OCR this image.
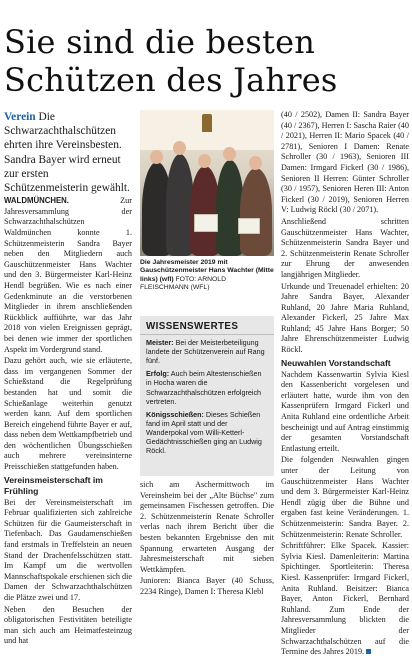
Sie sind die besten Schützen des Jahres

Verein Die Schwarzachthalschützen ehrten ihre Vereinsbesten. Sandra Bayer wird erneut zur ersten Schützenmeisterin gewählt.

WALDMÜNCHEN.	Zur Jahresversammlung der Schwarzachthalschützen Waldmünchen konnte 1. Schützenmeisterin Sandra Bayer neben den Mitgliedern auch Gauschützenmeister Hans Wachter und den 3. Bürgermeister Karl-Heinz Hendl begrüßen. Wie es nach einer Gedenkminute an die verstorbenen Mitglieder in ihrem anschließenden Rückblick auffiührte, war das Jahr 2018 von vielen Ereignissen geprägt, bei denen wie immer der sportlichen Aspekt im Vordergrund stand.

Dazu gehört auch, wie sie erläuterte, dass im vergangenen Sommer der Schießstand die Regelprüfung bestanden hat und somit die Schießanlage weiterhin genutzt werden kann. Auf dem sportlichen Bereich eingehend führte Bayer er auf, dass neben dem Wettkampfbetrieb und den wöchentlichen Übungsschießen auch mehrere vereinsinterne Preisschießen stattgefunden haben.

Vereinsmeisterschaft im Frühling

Bei der Vereinsmeisterschaft im Februar qualifizierten sich zahlreiche Schützen für die Gaumeisterschaft in Tiefenbach. Das Gaudamenschießen fand erstmals in Treffelstein an neuen Stand der Drachenfelsschützen statt. Im Kampf um die wertvollen Mannschaftspokale erschienen sich die Damen der Schwarzachthalschützen die Plätze zwei und 17.

Neben den Besuchen der obligatorischen Festivitäten beteiligte man sich auch am Heimatfesteinzug und hat

Die Jahresmeister 2019 mit Gauschützenmeister Hans Wachter (Mitte links) (wfl) FOTO: ARNOLD FLEISCHMANN (WFL)
WISSENSWERTES
Meister: Bei der Meisterbeteiligung landete der Schützenverein auf Rang fünf.
Erfolg: Auch beim Altestenschießen in Hocha waren die Schwarzachthalschützen erfolgreich vertreten.
Königsschießen: Dieses Schießen fand im April statt und der Wanderpokal vom Willi-Ketterl-Gedächtnisschießen ging an Ludwig Röckl.

sich am Aschermittwoch im Vereinsheim bei der „Alte Büchse" zum gemeinsamen Fischessen getroffen. Die 2. Schützenmeisterin Renate Schroller verlas nach ihrem Bericht über die besten bekannten Ergebnisse den mit Spannung erwarteten Ausgang der Jahresmeisterschaft mit sieben Wettkämpfen.

Junioren: Bianca Bayer (40 Schuss, 2234 Ringe), Damen I: Theresa Klebl

(40 / 2502), Damen II: Sandra Bayer (40 / 2367), Herren I: Sascha Raier (40 / 2021), Herren II: Mario Spacek (40 / 2781), Senioren I Damen: Renate Schroller (30 / 1963), Senioren III Damen: Irmgard Fickerl (30 / 1986), Senioren II Herren: Günter Schroller (30 / 1957), Senioren Heren III: Anton Fickerl (30 / 2019), Senioren Herren V: Ludwig Röckl (30 / 2071).

Anschließend schritten Gauschützenmeister Hans Wachter, Schützenmeisterin Sandra Bayer und 2. Schützenmeisterin Renate Schroller zur Ehrung der anwesenden langjährigen Mitglieder.

Urkunde und Treuenadel erhielten: 20 Jahre Sandra Bayer, Alexander Ruhland, 20 Jahre Maria Ruhland, Alexander Fickerl, 25 Jahre Max Ruhland; 45 Jahre Hans Borger; 50 Jahre Ehrenschützenmeister Ludwig Röckl.

Neuwahlen Vorstandschaft

Nachdem Kassenwartin Sylvia Kiesl den Kassenbericht vorgelesen und erläutert hatte, wurde ihm von den Kassenprüfern Irmgard Fickerl und Anita Ruhland eine ordentliche Arbeit bescheinigt und auf Antrag einstimmig der gesamten Vorstandschaft Entlastung erteilt.

Die folgenden Neuwahlen gingen unter der Leitung von Gauschützenmeister Hans Wachter und dem 3. Bürgermeister Karl-Heinz Hendl zügig über die Bühne und ergaben fast keine Veränderungen. 1. Schützenmeisterin: Sandra Bayer. 2. Schützenmeisterin: Renate Schroller.

Schriftführer: Elke Spacek. Kassier: Sylvia Kiesl. Damenleiterin: Martina Spichtinger. Sportleiterin: Theresa Kiesl. Kassenprüfer: Irmgard Fickerl, Anita Ruhland. Beisitzer: Bianca Bayer, Anton Fickerl, Bernhard Ruhland. Zum Ende der Jahresversammlung blickten die Mitglieder der Schwarzachthalschützen auf die Termine des Jahres 2019.
